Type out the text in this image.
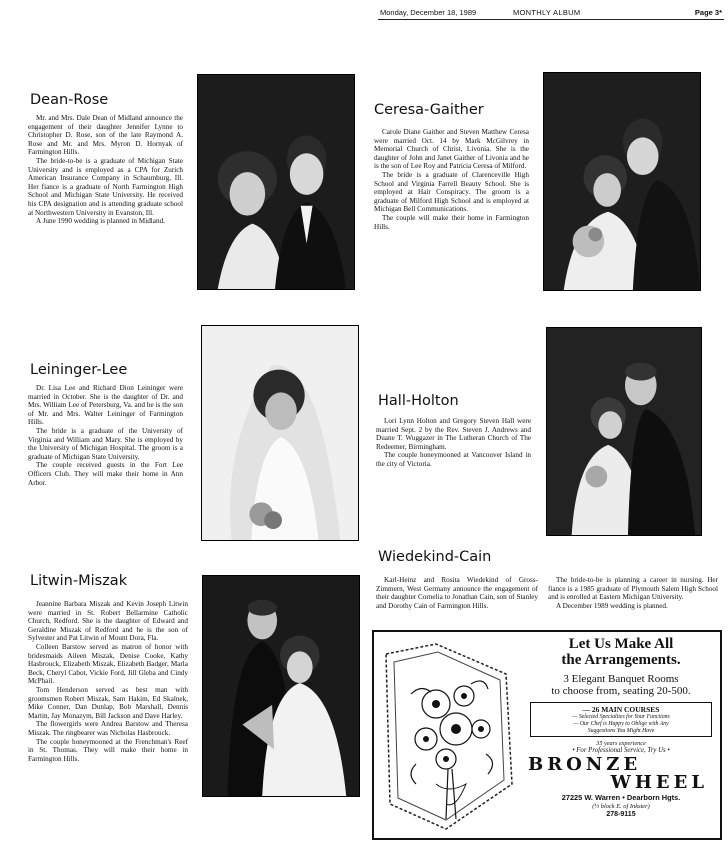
Monday, December 18, 1989	MONTHLY ALBUM	Page 3*
Dean-Rose

Mr. and Mrs. Dale Dean of Midland announce the engagement of their daughter Jennifer Lynne to Christopher D. Rose, son of the late Raymond A. Rose and Mr. and Mrs. Myron D. Hornyak of Farmington Hills.

The bride-to-be is a graduate of Michigan State University and is employed as a CPA for Zurich American Insurance Company in Schaumburg, Ill. Her fiance is a graduate of North Farmington High School and Michigan State University. He received his CPA designation and is attending graduate school at Northwestern University in Evanston, Ill.

A June 1990 wedding is planned in Midland.

Ceresa-Gaither

Carole Diane Gaither and Steven Matthew Ceresa were married Oct. 14 by Mark McGilvrey in Memorial Church of Christ, Livonia. She is the daughter of John and Janet Gaither of Livonia and he is the son of Lee Roy and Patricia Ceresa of Milford.

The bride is a graduate of Clarenceville High School and Virginia Farrell Beauty School. She is employed at Hair Conspiracy. The groom is a graduate of Milford High School and is employed at Michigan Bell Communications.

The couple will make their home in Farmington Hills.

Leininger-Lee

Dr. Lisa Lee and Richard Dion Leininger were married in October. She is the daughter of Dr. and Mrs. William Lee of Petersburg, Va. and he is the son of Mr. and Mrs. Walter Leininger of Farmington Hills.

The bride is a graduate of the University of Virginia and William and Mary. She is employed by the University of Michigan Hospital. The groom is a graduate of Michigan State University.

The couple received guests in the Fort Lee Officers Club. They will make their home in Ann Arbor.

Hall-Holton

Lori Lynn Holton and Gregory Steven Hall were married Sept. 2 by the Rev. Steven J. Andrews and Duane T. Wuggazer in The Lutheran Church of The Redeemer, Birmingham.

The couple honeymooned at Vancouver Island in the city of Victoria.

Wiedekind-Cain

Karl-Heinz and Rosita Wiedekind of Gross-Zimmern, West Germany announce the engagement of their daughter Cornelia to Jonathan Cain, son of Stanley and Dorothy Cain of Farmington Hills.

The bride-to-be is planning a career in nursing. Her fiance is a 1985 graduate of Plymouth Salem High School and is enrolled at Eastern Michigan University.

A December 1989 wedding is planned.

Litwin-Miszak

Jeannine Barbara Miszak and Kevin Joseph Litwin were married in St. Robert Bellarmine Catholic Church, Redford. She is the daughter of Edward and Geraldine Miszak of Redford and he is the son of Sylvester and Pat Litwin of Mount Dora, Fla.

Colleen Barstow served as matron of honor with bridesmaids Aileen Miszak, Denise Cooke, Kathy Hasbrouck, Elizabeth Miszak, Elizabeth Badger, Marla Beck, Cheryl Cabot, Vickie Ford, Jill Gleba and Cindy McPhail.

Tom Henderson served as best man with groomsmen Robert Miszak, Sam Hakim, Ed Skalnek, Mike Conner, Dan Dunlap, Bob Marshall, Dennis Martin, Jay Monazym, Bill Jackson and Dave Harley.

The flowergirls were Andrea Barstow and Theresa Miszak. The ringbearer was Nicholas Hasbrouck.

The couple honeymooned at the Frenchman's Reef in St. Thomas. They will make their home in Farmington Hills.

Let Us Make All
the Arrangements.
3 Elegant Banquet Rooms
to choose from, seating 20-500.
— 26 MAIN COURSES
— Selected Specialties for Your Functions
— Our Chef is Happy to Oblige with Any
Suggestions You Might Have
35 years experience
• For Professional Service, Try Us •
BRONZE
WHEEL
27225 W. Warren • Dearborn Hgts.
(½ block E. of Inkster)
278-9115
